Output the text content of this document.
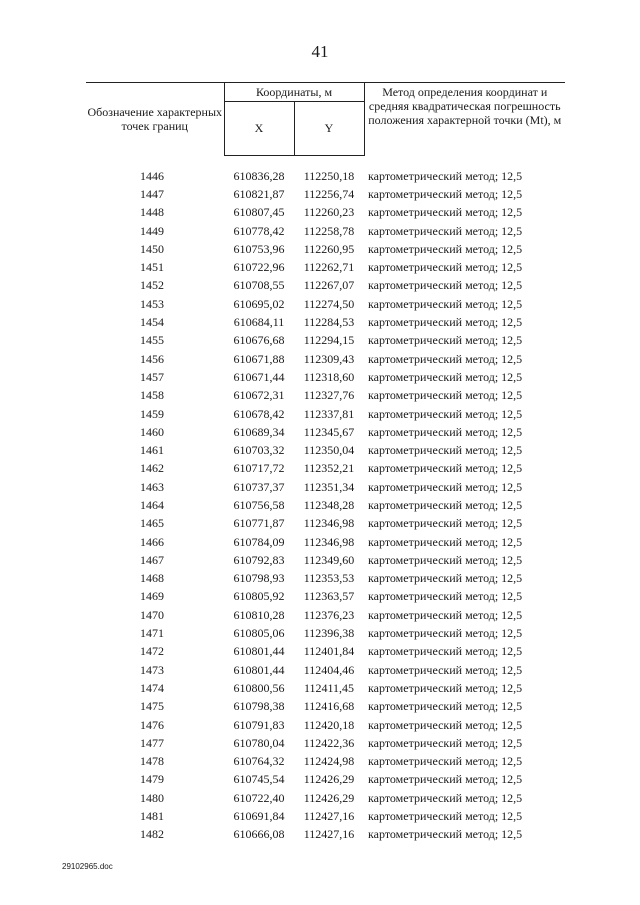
41
Обозначение характерных точек границ	Координаты, м		Метод определения координат и средняя квадратическая погрешность положения характерной точки (Mt), м
	X	Y	

1446	610836,28	112250,18	картометрический метод; 12,5
1447	610821,87	112256,74	картометрический метод; 12,5
1448	610807,45	112260,23	картометрический метод; 12,5
1449	610778,42	112258,78	картометрический метод; 12,5
1450	610753,96	112260,95	картометрический метод; 12,5
1451	610722,96	112262,71	картометрический метод; 12,5
1452	610708,55	112267,07	картометрический метод; 12,5
1453	610695,02	112274,50	картометрический метод; 12,5
1454	610684,11	112284,53	картометрический метод; 12,5
1455	610676,68	112294,15	картометрический метод; 12,5
1456	610671,88	112309,43	картометрический метод; 12,5
1457	610671,44	112318,60	картометрический метод; 12,5
1458	610672,31	112327,76	картометрический метод; 12,5
1459	610678,42	112337,81	картометрический метод; 12,5
1460	610689,34	112345,67	картометрический метод; 12,5
1461	610703,32	112350,04	картометрический метод; 12,5
1462	610717,72	112352,21	картометрический метод; 12,5
1463	610737,37	112351,34	картометрический метод; 12,5
1464	610756,58	112348,28	картометрический метод; 12,5
1465	610771,87	112346,98	картометрический метод; 12,5
1466	610784,09	112346,98	картометрический метод; 12,5
1467	610792,83	112349,60	картометрический метод; 12,5
1468	610798,93	112353,53	картометрический метод; 12,5
1469	610805,92	112363,57	картометрический метод; 12,5
1470	610810,28	112376,23	картометрический метод; 12,5
1471	610805,06	112396,38	картометрический метод; 12,5
1472	610801,44	112401,84	картометрический метод; 12,5
1473	610801,44	112404,46	картометрический метод; 12,5
1474	610800,56	112411,45	картометрический метод; 12,5
1475	610798,38	112416,68	картометрический метод; 12,5
1476	610791,83	112420,18	картометрический метод; 12,5
1477	610780,04	112422,36	картометрический метод; 12,5
1478	610764,32	112424,98	картометрический метод; 12,5
1479	610745,54	112426,29	картометрический метод; 12,5
1480	610722,40	112426,29	картометрический метод; 12,5
1481	610691,84	112427,16	картометрический метод; 12,5
1482	610666,08	112427,16	картометрический метод; 12,5
29102965.doc
